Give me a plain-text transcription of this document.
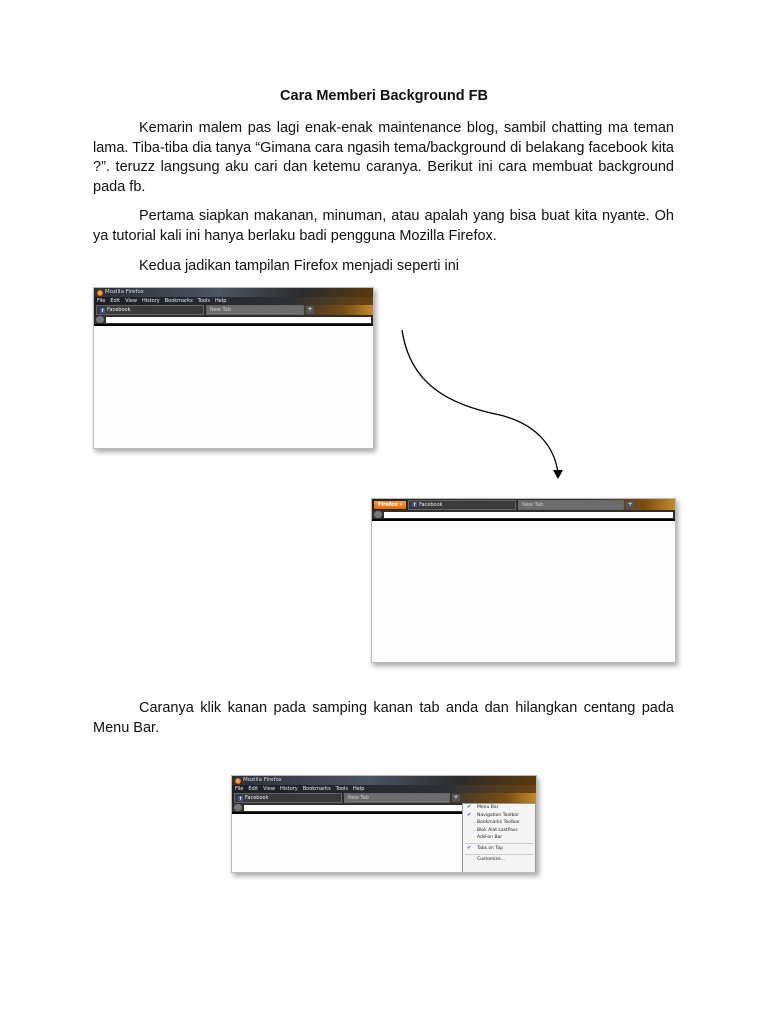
Cara Memberi Background FB

Kemarin malem pas lagi enak-enak maintenance blog, sambil chatting ma teman lama. Tiba-tiba dia tanya “Gimana cara ngasih tema/background di belakang facebook kita ?”. teruzz langsung aku cari dan ketemu caranya. Berikut ini cara membuat background pada fb.

Pertama siapkan makanan, minuman, atau apalah yang bisa buat kita nyante. Oh ya tutorial kali ini hanya berlaku badi pengguna Mozilla Firefox.

Kedua jadikan tampilan Firefox menjadi seperti ini

Mozilla Firefox
File Edit View History Bookmarks Tools Help
f Facebook	New Tab	+
Firefox ▾	f Facebook	New Tab	+

Caranya klik kanan pada samping kanan tab anda dan hilangkan centang pada Menu Bar.

Mozilla Firefox
File Edit View History Bookmarks Tools Help
f Facebook	New Tab	+
✔ Menu Bar
✔ Navigation Toolbar
Bookmarks Toolbar
Blok Alat LastPass
Add-on Bar
✔ Tabs on Top
Customize...
